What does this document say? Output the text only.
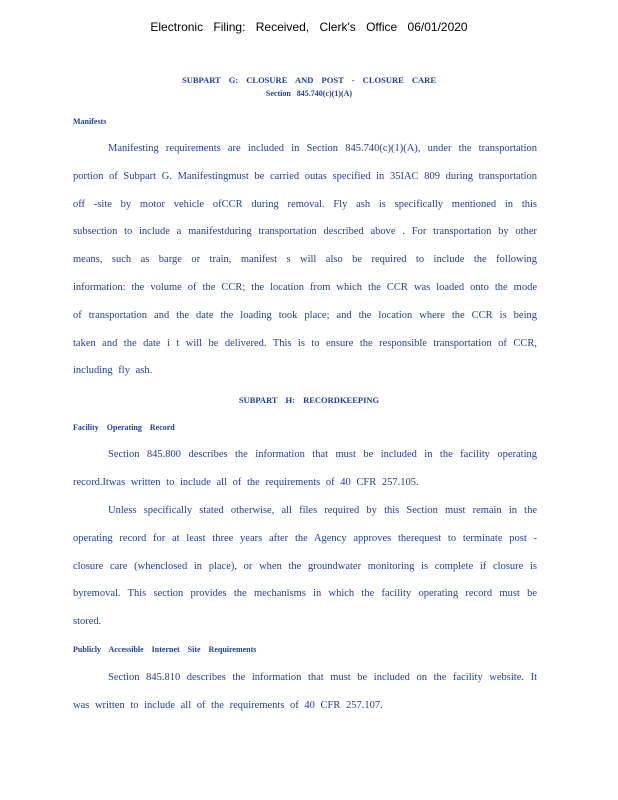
Electronic Filing: Received, Clerk's Office 06/01/2020
SUBPART G: CLOSURE AND POST - CLOSURE CARE
Section 845.740(c)(1)(A)
Manifests

Manifesting requirements are included in Section 845.740(c)(1)(A), under the transportation portion of Subpart G. Manifestingmust be carried outas specified in 35IAC 809 during transportation off -site by motor vehicle ofCCR during removal. Fly ash is specifically mentioned in this subsection to include a manifestduring transportation described above . For transportation by other means, such as barge or train, manifest s will also be required to include the following information: the volume of the CCR; the location from which the CCR was loaded onto the mode of transportation and the date the loading took place; and the location where the CCR is being taken and the date i t will be delivered. This is to ensure the responsible transportation of CCR, including fly ash.

SUBPART H: RECORDKEEPING
Facility Operating Record

Section 845.800 describes the information that must be included in the facility operating record.Itwas written to include all of the requirements of 40 CFR 257.105.

Unless specifically stated otherwise, all files required by this Section must remain in the operating record for at least three years after the Agency approves therequest to terminate post - closure care (whenclosed in place), or when the groundwater monitoring is complete if closure is byremoval. This section provides the mechanisms in which the facility operating record must be stored.

Publicly Accessible Internet Site Requirements

Section 845.810 describes the information that must be included on the facility website. It was written to include all of the requirements of 40 CFR 257.107.
